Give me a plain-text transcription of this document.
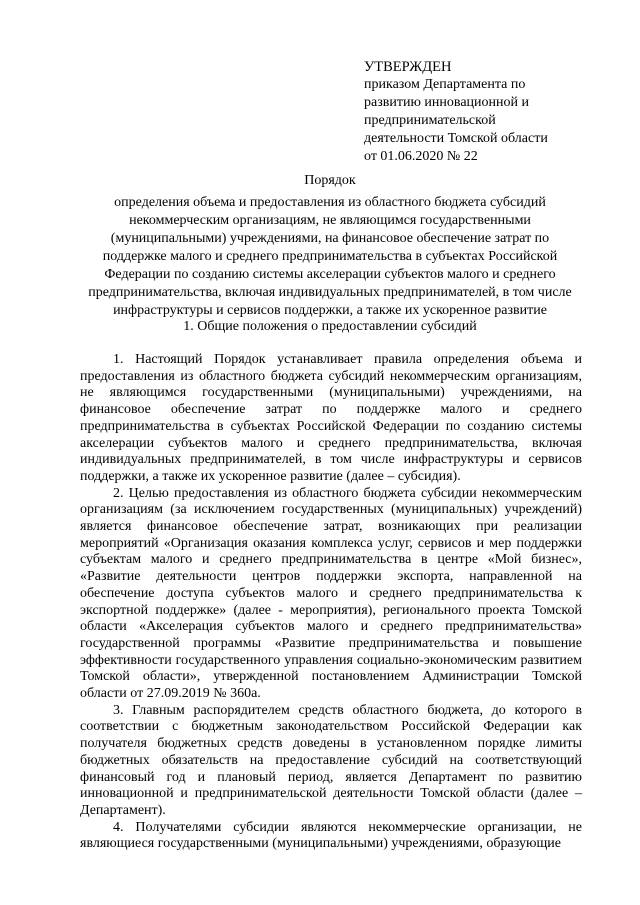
УТВЕРЖДЕН
приказом Департамента по
развитию инновационной и
предпринимательской
деятельности Томской области
от 01.06.2020 № 22
Порядок
определения объема и предоставления из областного бюджета субсидий некоммерческим организациям, не являющимся государственными (муниципальными) учреждениями, на финансовое обеспечение затрат по поддержке малого и среднего предпринимательства в субъектах Российской Федерации по созданию системы акселерации субъектов малого и среднего предпринимательства, включая индивидуальных предпринимателей, в том числе инфраструктуры и сервисов поддержки, а также их ускоренное развитие
1. Общие положения о предоставлении субсидий

1. Настоящий Порядок устанавливает правила определения объема и предоставления из областного бюджета субсидий некоммерческим организациям, не являющимся государственными (муниципальными) учреждениями, на финансовое обеспечение затрат по поддержке малого и среднего предпринимательства в субъектах Российской Федерации по созданию системы акселерации субъектов малого и среднего предпринимательства, включая индивидуальных предпринимателей, в том числе инфраструктуры и сервисов поддержки, а также их ускоренное развитие (далее – субсидия).

2. Целью предоставления из областного бюджета субсидии некоммерческим организациям (за исключением государственных (муниципальных) учреждений) является финансовое обеспечение затрат, возникающих при реализации мероприятий «Организация оказания комплекса услуг, сервисов и мер поддержки субъектам малого и среднего предпринимательства в центре «Мой бизнес», «Развитие деятельности центров поддержки экспорта, направленной на обеспечение доступа субъектов малого и среднего предпринимательства к экспортной поддержке» (далее - мероприятия), регионального проекта Томской области «Акселерация субъектов малого и среднего предпринимательства» государственной программы «Развитие предпринимательства и повышение эффективности государственного управления социально-экономическим развитием Томской области», утвержденной постановлением Администрации Томской области от 27.09.2019 № 360а.

3. Главным распорядителем средств областного бюджета, до которого в соответствии с бюджетным законодательством Российской Федерации как получателя бюджетных средств доведены в установленном порядке лимиты бюджетных обязательств на предоставление субсидий на соответствующий финансовый год и плановый период, является Департамент по развитию инновационной и предпринимательской деятельности Томской области (далее – Департамент).

4. Получателями субсидии являются некоммерческие организации, не являющиеся государственными (муниципальными) учреждениями, образующие
